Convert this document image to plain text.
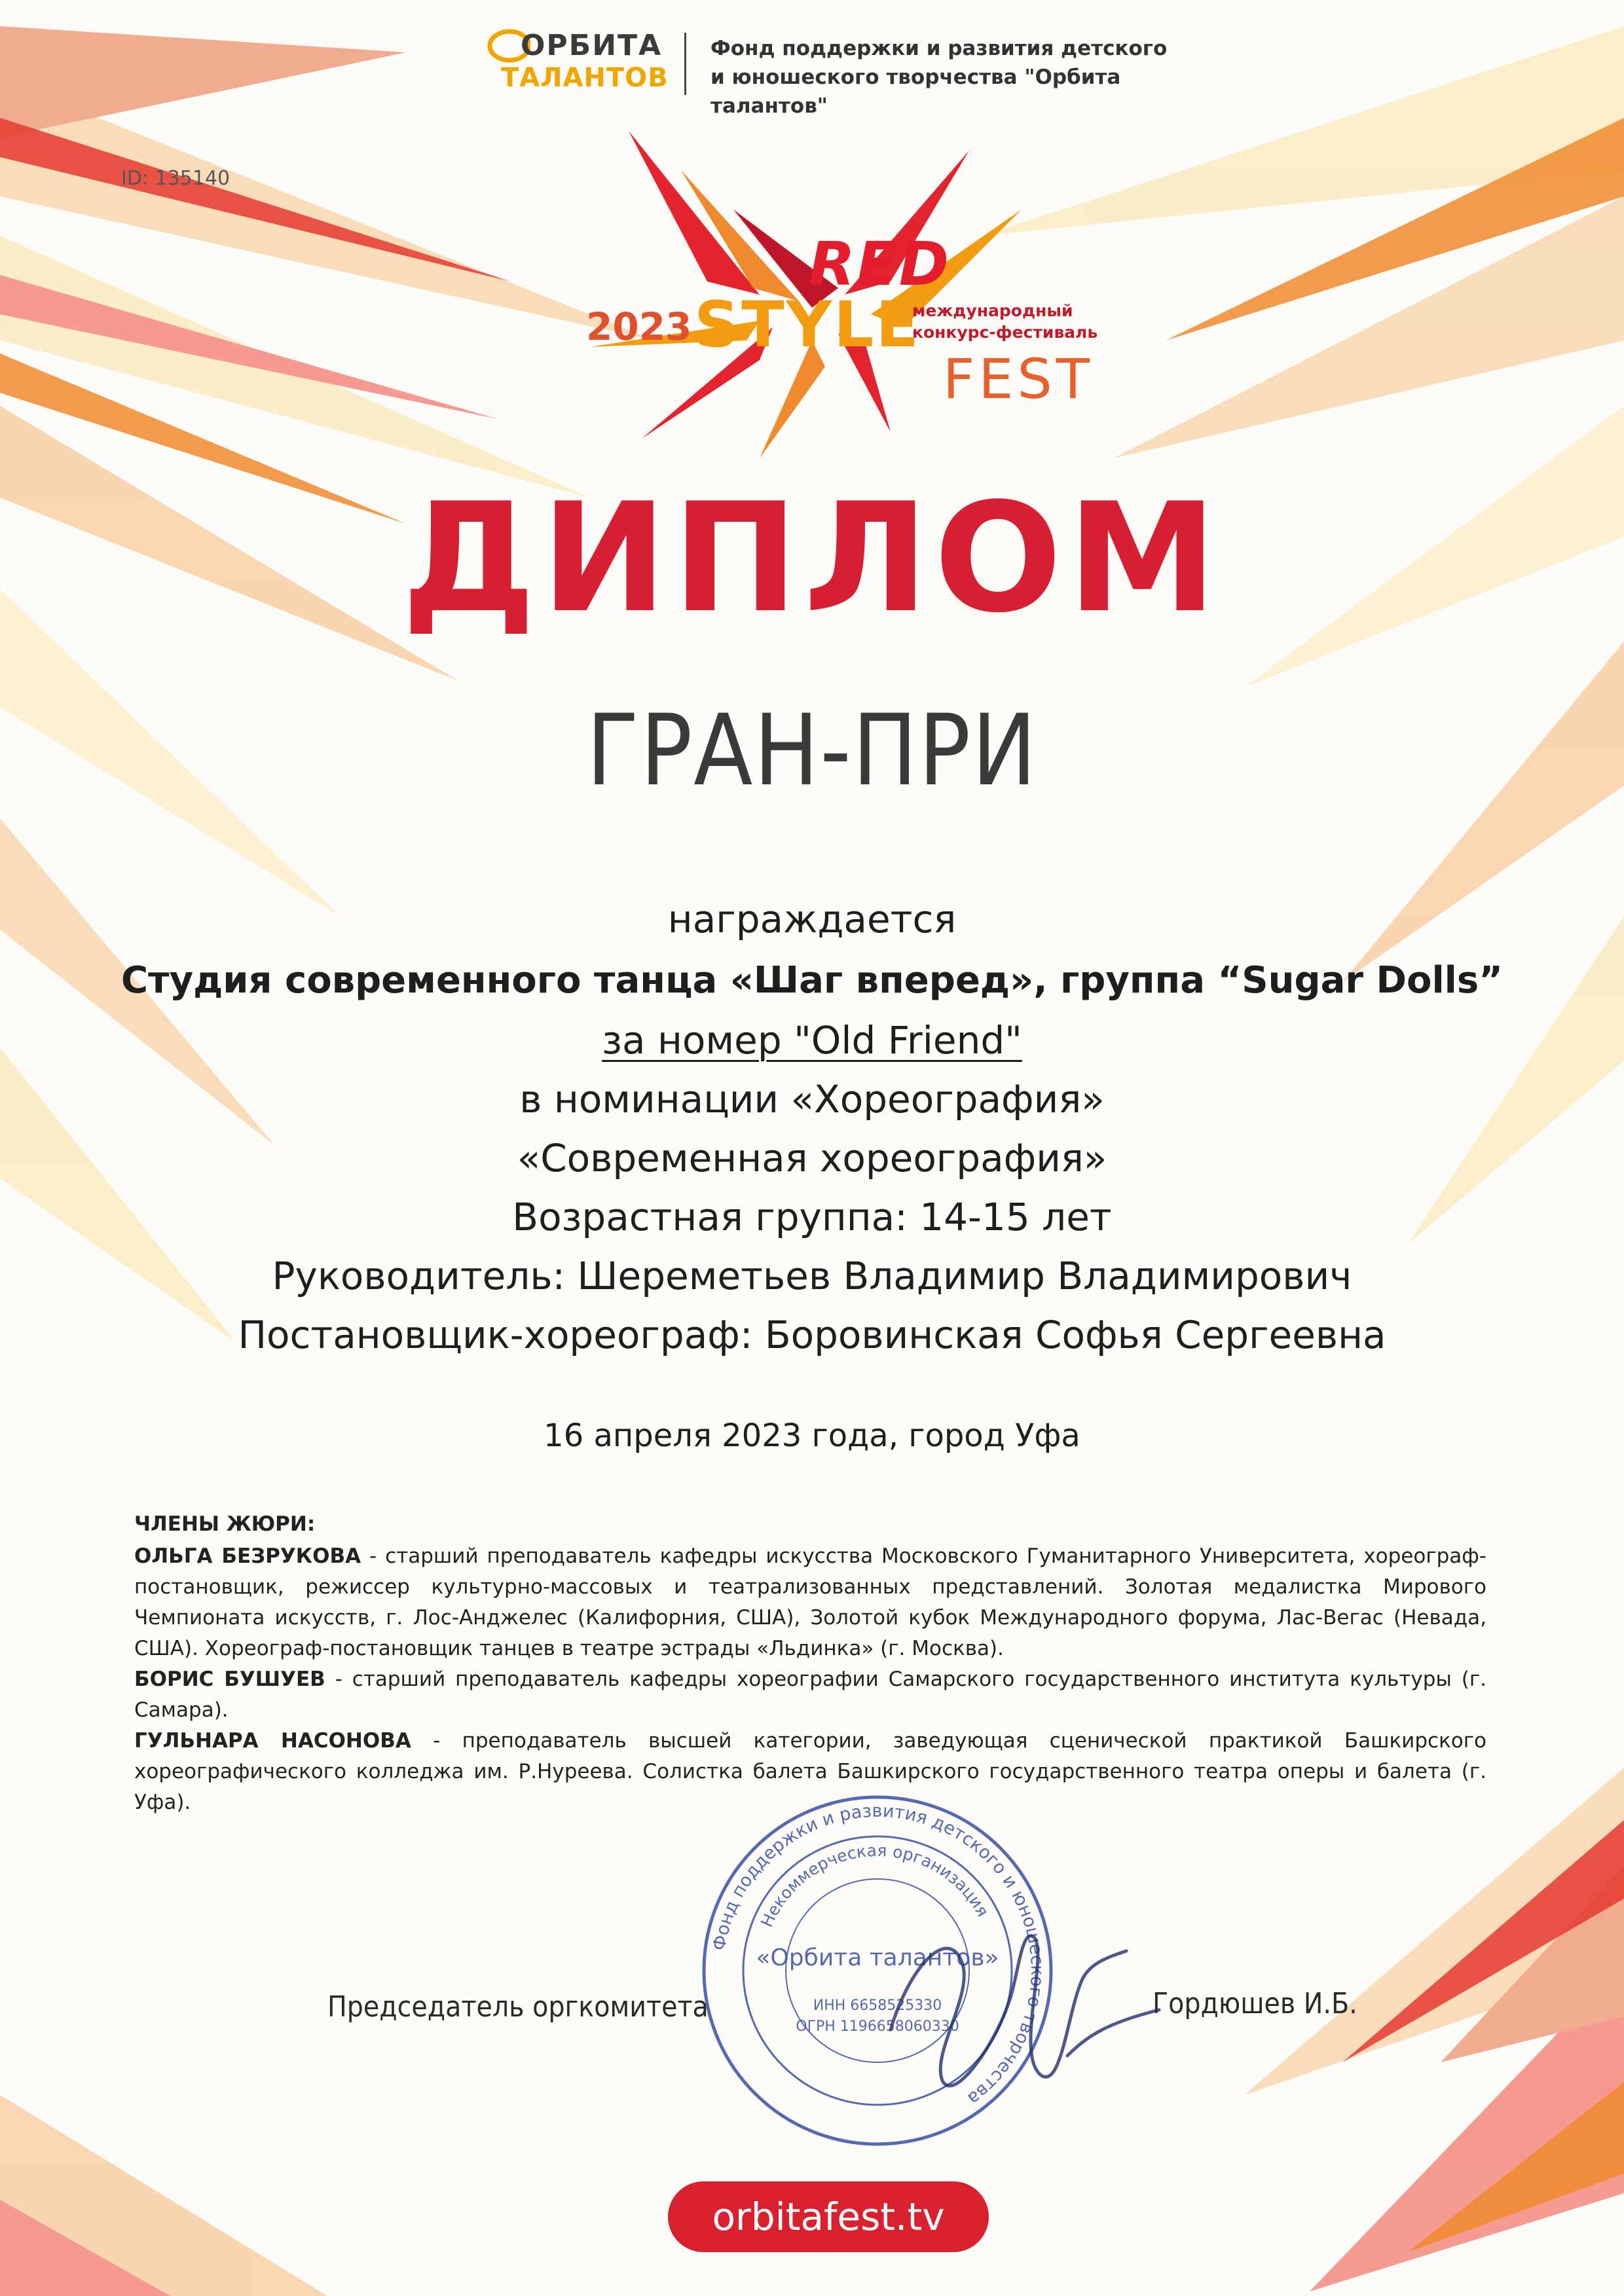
ОРБИТА
ТАЛАНТОВ
Фонд поддержки и развития детского
и юношеского творчества "Орбита талантов"
ID: 135140
RED
2023 STYLE
международный
конкурс-фестиваль
FEST
ДИПЛОМ
ГРАН-ПРИ
награждается
Студия современного танца «Шаг вперед», группа “Sugar Dolls”
за номер "Old Friend"
в номинации «Хореография»
«Современная хореография»
Возрастная группа: 14-15 лет
Руководитель: Шереметьев Владимир Владимирович
Постановщик-хореограф: Боровинская Софья Сергеевна
16 апреля 2023 года, город Уфа
ЧЛЕНЫ ЖЮРИ:

ОЛЬГА БЕЗРУКОВА - старший преподаватель кафедры искусства Московского Гуманитарного Университета, хореограф-постановщик, режиссер культурно-массовых и театрализованных представлений. Золотая медалистка Мирового Чемпионата искусств, г. Лос-Анджелес (Калифорния, США), Золотой кубок Международного форума, Лас-Вегас (Невада, США). Хореограф-постановщик танцев в театре эстрады «Льдинка» (г. Москва).

БОРИС БУШУЕВ - старший преподаватель кафедры хореографии Самарского государственного института культуры (г. Самара).

ГУЛЬНАРА НАСОНОВА - преподаватель высшей категории, заведующая сценической практикой Башкирского хореографического колледжа им. Р.Нуреева. Солистка балета Башкирского государственного театра оперы и балета (г. Уфа).

Председатель оргкомитета	Гордюшев И.Б.
Фонд поддержки и развития детского и юношеского творчества
Некоммерческая организация
«Орбита талантов»
ИНН 6658525330
ОГРН 1196658060330
orbitafest.tv
